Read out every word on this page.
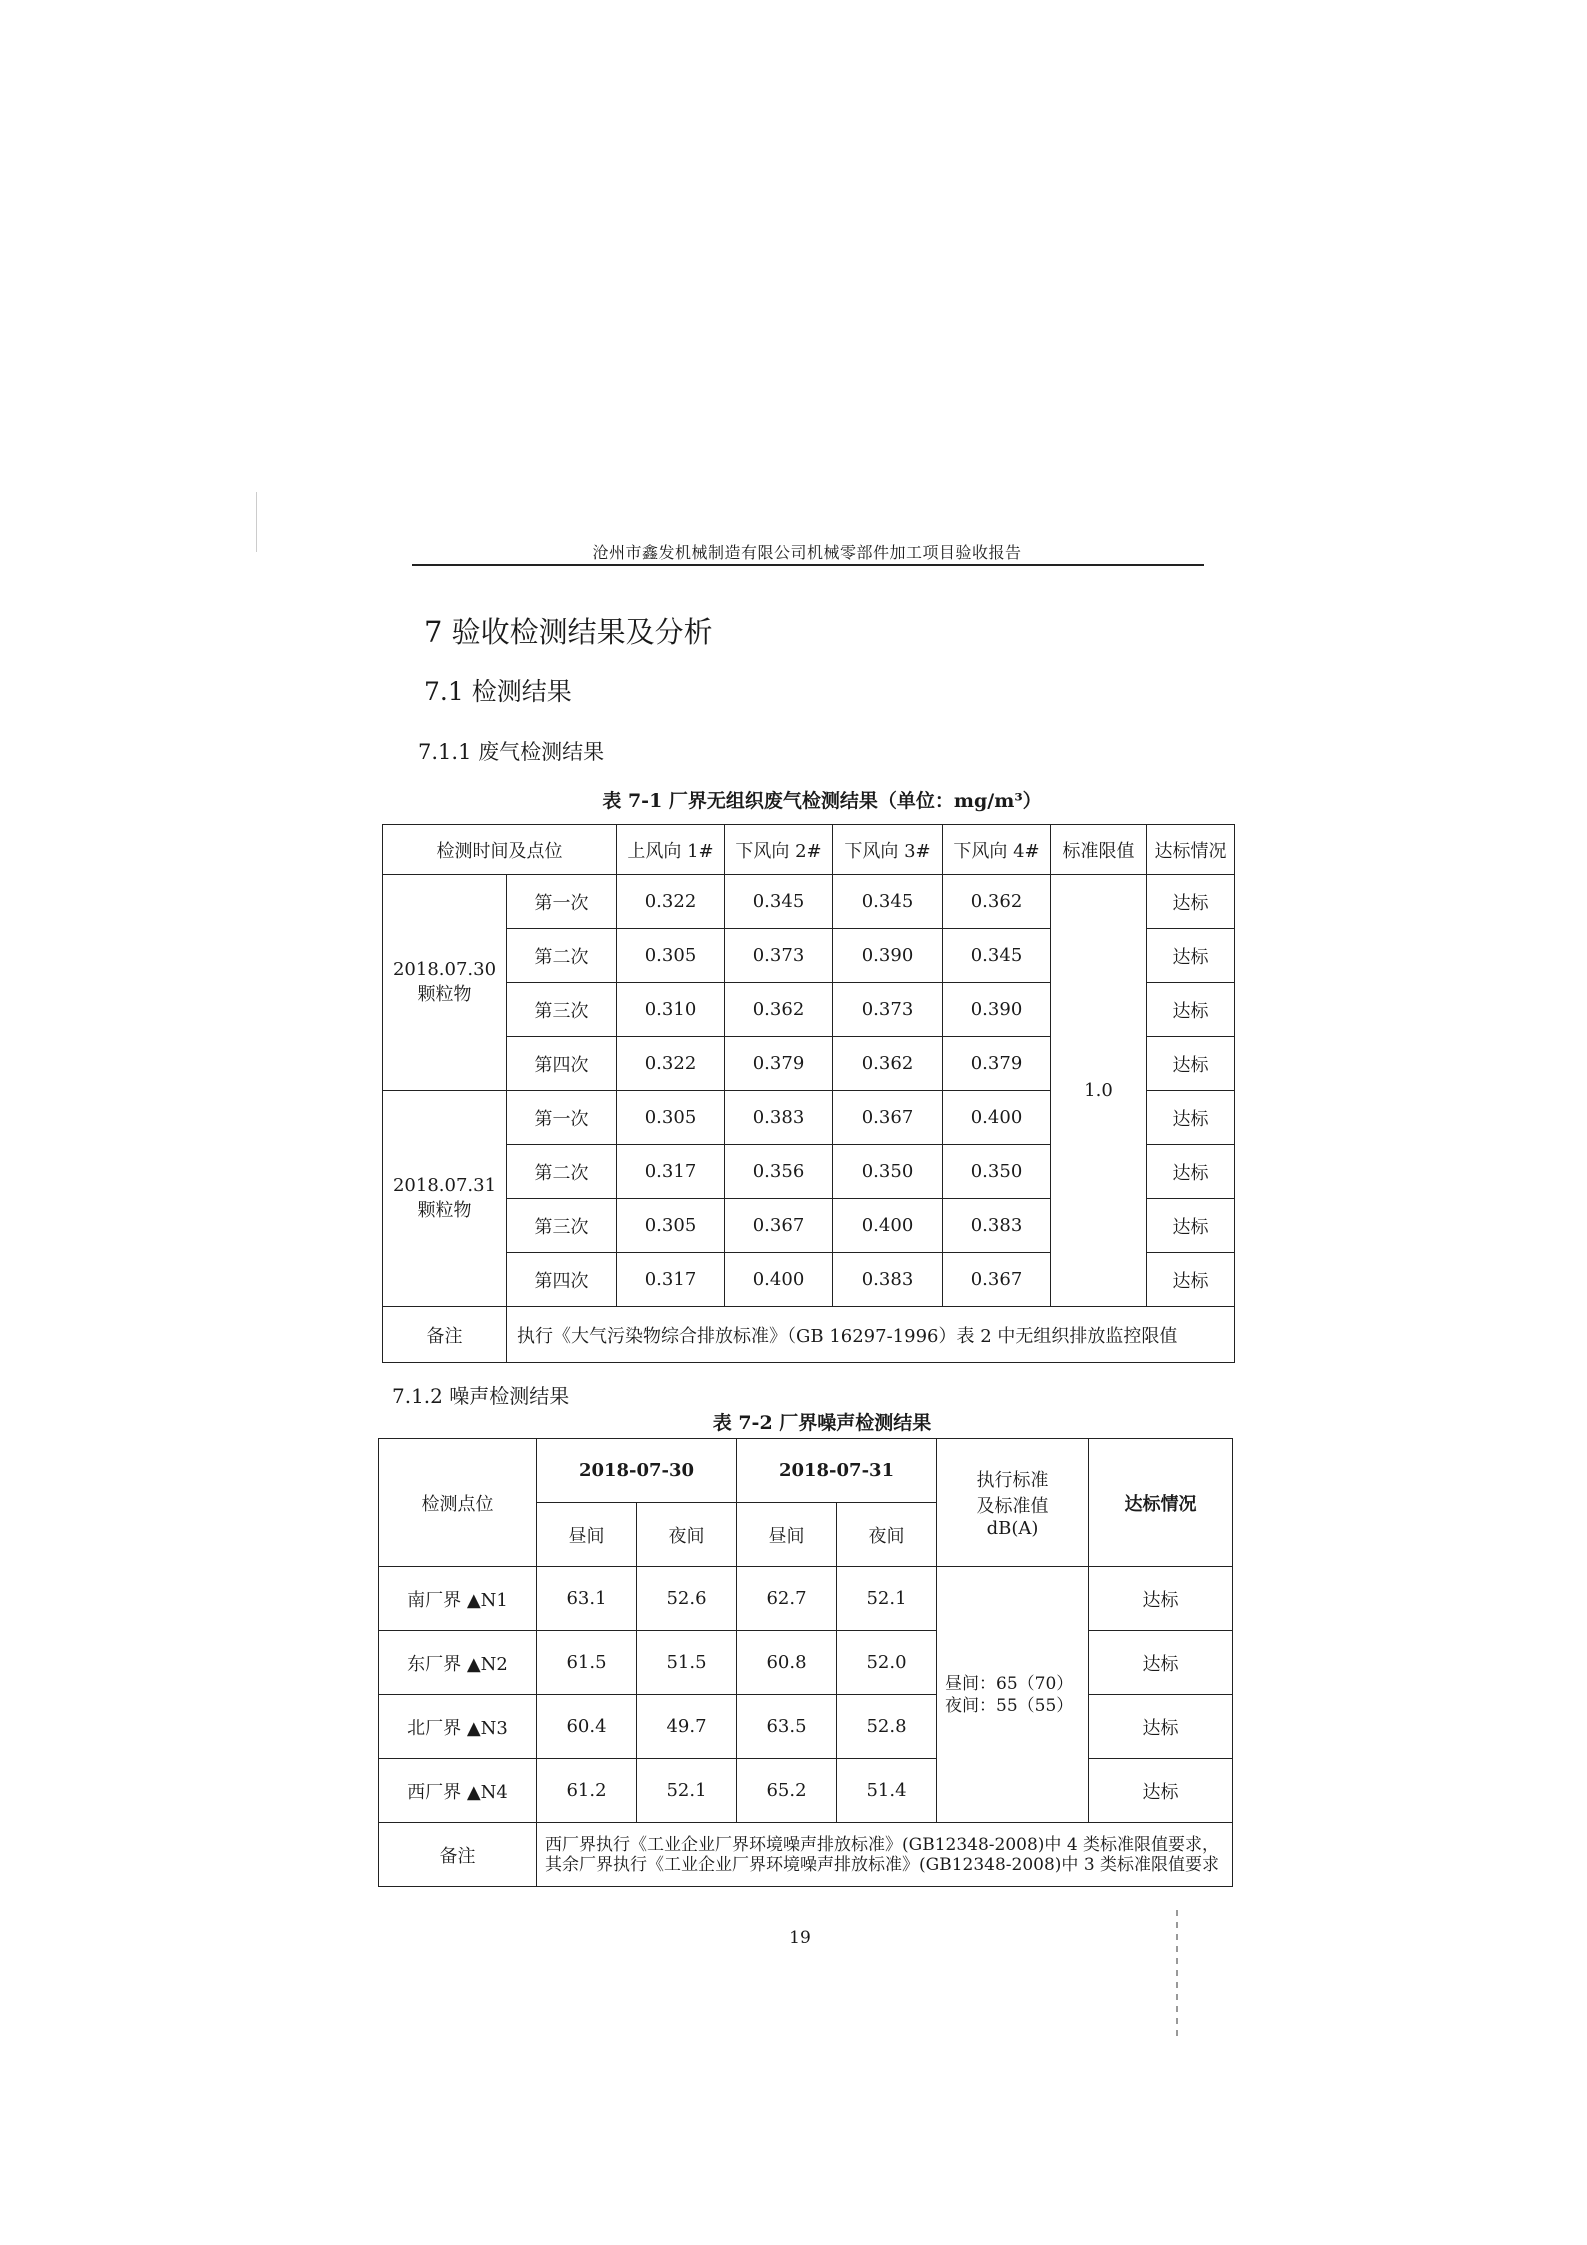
沧州市鑫发机械制造有限公司机械零部件加工项目验收报告
7 验收检测结果及分析
7.1 检测结果
7.1.1 废气检测结果
表 7-1 厂界无组织废气检测结果（单位：mg/m³）
检测时间及点位		上风向 1#	下风向 2#	下风向 3#	下风向 4#	标准限值	达标情况

2018.07.30
颗粒物	第一次	0.322	0.345	0.345	0.362	1.0	达标
	第二次	0.305	0.373	0.390	0.345		达标
	第三次	0.310	0.362	0.373	0.390		达标
	第四次	0.322	0.379	0.362	0.379		达标

2018.07.31
颗粒物	第一次	0.305	0.383	0.367	0.400		达标
	第二次	0.317	0.356	0.350	0.350		达标
	第三次	0.305	0.367	0.400	0.383		达标
	第四次	0.317	0.400	0.383	0.367		达标
备注	执行《大气污染物综合排放标准》（GB 16297-1996）表 2 中无组织排放监控限值						
7.1.2 噪声检测结果
表 7-2 厂界噪声检测结果
检测点位	2018-07-30		2018-07-31		执行标准
及标准值
dB(A)	达标情况
	昼间	夜间	昼间	夜间		
南厂界 ▲N1	63.1	52.6	62.7	52.1	昼间：65（70）
夜间：55（55）	达标
东厂界 ▲N2	61.5	51.5	60.8	52.0		达标
北厂界 ▲N3	60.4	49.7	63.5	52.8		达标
西厂界 ▲N4	61.2	52.1	65.2	51.4		达标
备注	西厂界执行《工业企业厂界环境噪声排放标准》(GB12348-2008)中 4 类标准限值要求，其余厂界执行《工业企业厂界环境噪声排放标准》(GB12348-2008)中 3 类标准限值要求					
19
